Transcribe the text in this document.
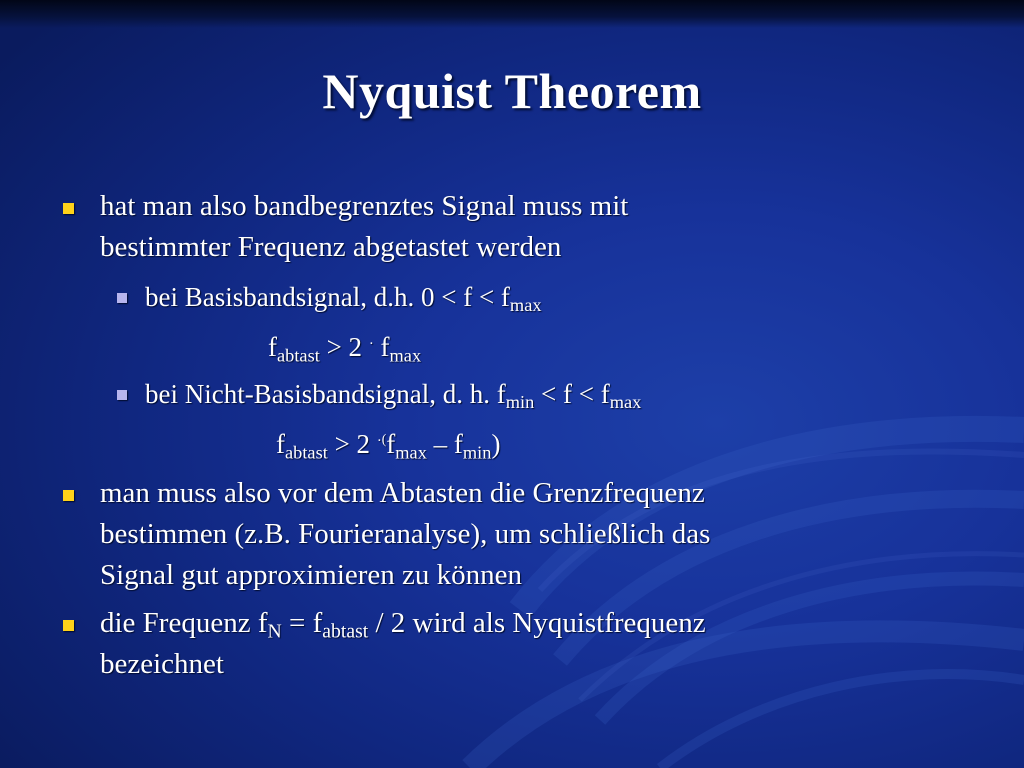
Nyquist Theorem
hat man also bandbegrenztes Signal muss mit
bestimmter Frequenz abgetastet werden
bei Basisbandsignal, d.h. $0 < f < f_{max}$
$f_{abtast} > 2$ · $f_{max}$
bei Nicht-Basisbandsignal, d. h. $f_{min} < f < f_{max}$
$f_{abtast} > 2$ $^{\cdot(}f_{max} - f_{min}$)
man muss also vor dem Abtasten die Grenzfrequenz
bestimmen (z.B. Fourieranalyse), um schließlich das
Signal gut approximieren zu können
die Frequenz $f_N = f_{abtast} / 2$ wird als Nyquistfrequenz
bezeichnet
